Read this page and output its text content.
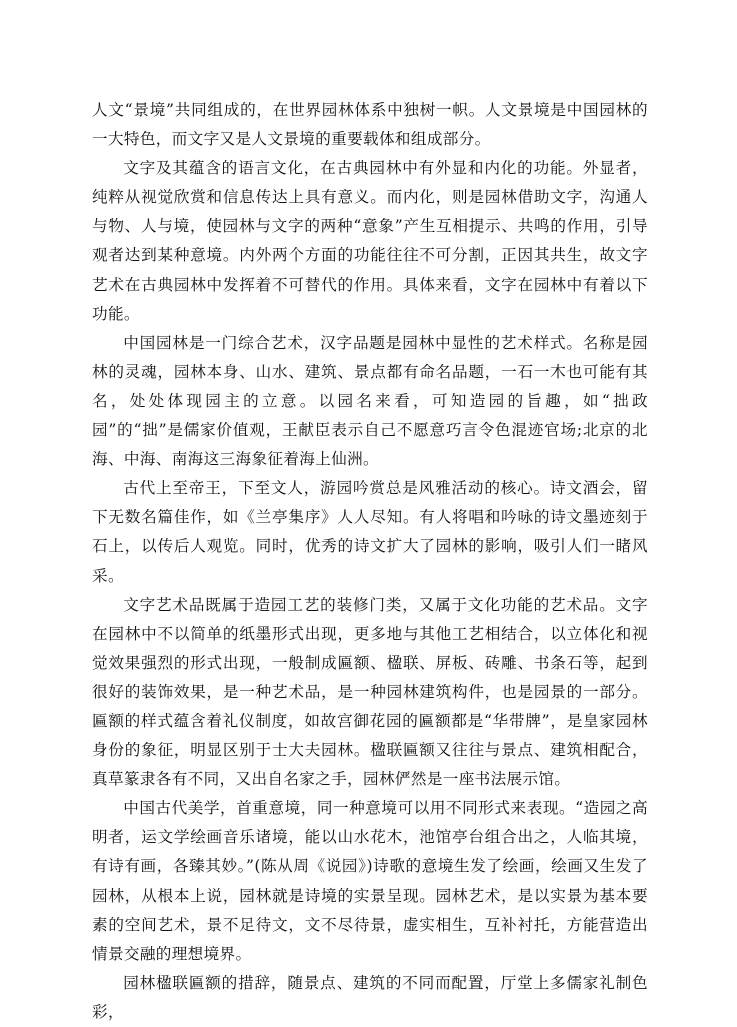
人文“景境”共同组成的，在世界园林体系中独树一帜。人文景境是中国园林的一大特色，而文字又是人文景境的重要载体和组成部分。

文字及其蕴含的语言文化，在古典园林中有外显和内化的功能。外显者，纯粹从视觉欣赏和信息传达上具有意义。而内化，则是园林借助文字，沟通人与物、人与境，使园林与文字的两种“意象”产生互相提示、共鸣的作用，引导观者达到某种意境。内外两个方面的功能往往不可分割，正因其共生，故文字艺术在古典园林中发挥着不可替代的作用。具体来看，文字在园林中有着以下功能。

中国园林是一门综合艺术，汉字品题是园林中显性的艺术样式。名称是园林的灵魂，园林本身、山水、建筑、景点都有命名品题，一石一木也可能有其名，处处体现园主的立意。以园名来看，可知造园的旨趣，如“拙政园”的“拙”是儒家价值观，王献臣表示自己不愿意巧言令色混迹官场;北京的北海、中海、南海这三海象征着海上仙洲。

古代上至帝王，下至文人，游园吟赏总是风雅活动的核心。诗文酒会，留下无数名篇佳作，如《兰亭集序》人人尽知。有人将唱和吟咏的诗文墨迹刻于石上，以传后人观览。同时，优秀的诗文扩大了园林的影响，吸引人们一睹风采。

文字艺术品既属于造园工艺的装修门类，又属于文化功能的艺术品。文字在园林中不以简单的纸墨形式出现，更多地与其他工艺相结合，以立体化和视觉效果强烈的形式出现，一般制成匾额、楹联、屏板、砖雕、书条石等，起到很好的装饰效果，是一种艺术品，是一种园林建筑构件，也是园景的一部分。匾额的样式蕴含着礼仪制度，如故宫御花园的匾额都是“华带牌”，是皇家园林身份的象征，明显区别于士大夫园林。楹联匾额又往往与景点、建筑相配合，真草篆隶各有不同，又出自名家之手，园林俨然是一座书法展示馆。

中国古代美学，首重意境，同一种意境可以用不同形式来表现。“造园之高明者，运文学绘画音乐诸境，能以山水花木，池馆亭台组合出之，人临其境，有诗有画，各臻其妙。”(陈从周《说园》)诗歌的意境生发了绘画，绘画又生发了园林，从根本上说，园林就是诗境的实景呈现。园林艺术，是以实景为基本要素的空间艺术，景不足待文，文不尽待景，虚实相生，互补衬托，方能营造出情景交融的理想境界。

园林楹联匾额的措辞，随景点、建筑的不同而配置，厅堂上多儒家礼制色彩，
